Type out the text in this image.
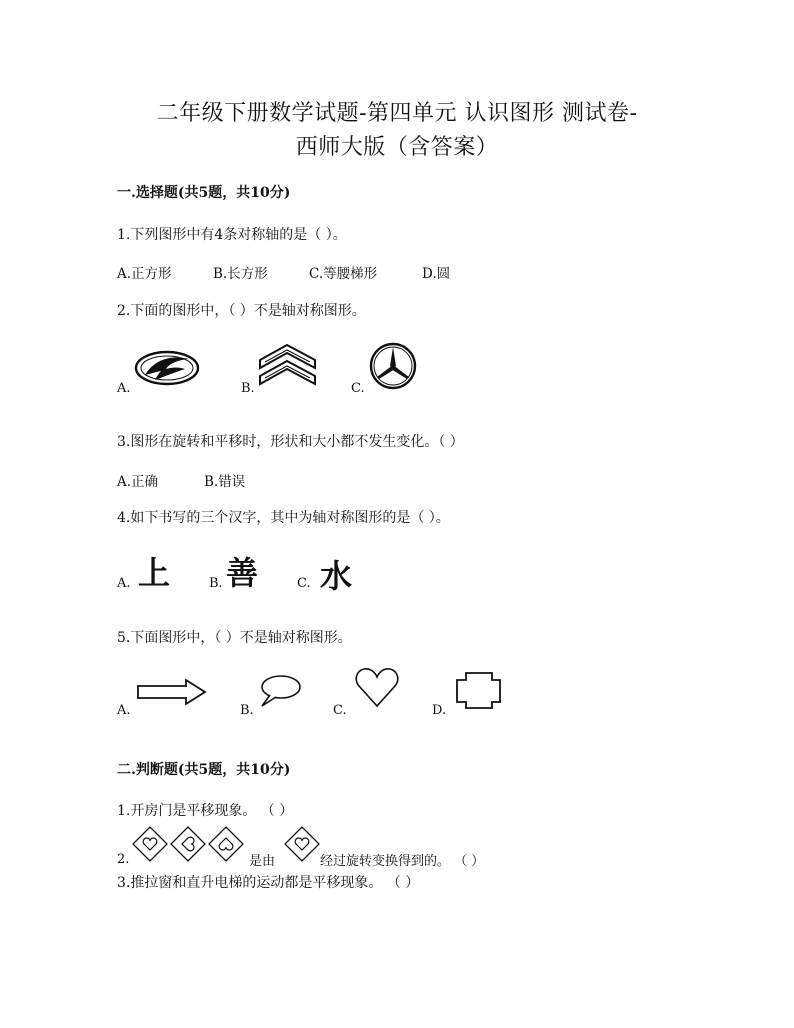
二年级下册数学试题-第四单元 认识图形 测试卷-
西师大版（含答案）
一.选择题(共5题，共10分)
1.下列图形中有4条对称轴的是（ ）。
A.正方形	B.长方形	C.等腰梯形	D.圆
2.下面的图形中，（ ）不是轴对称图形。
A.	B.	C.
3.图形在旋转和平移时，形状和大小都不发生变化。（ ）
A.正确	B.错误
4.如下书写的三个汉字，其中为轴对称图形的是（ ）。
A. 上	B. 善	C. 水
5.下面图形中，（ ）不是轴对称图形。
A.	B.	C.	D.
二.判断题(共5题，共10分)
1.开房门是平移现象。 （ ）
2.	是由	经过旋转变换得到的。 （ ）
3.推拉窗和直升电梯的运动都是平移现象。 （ ）
